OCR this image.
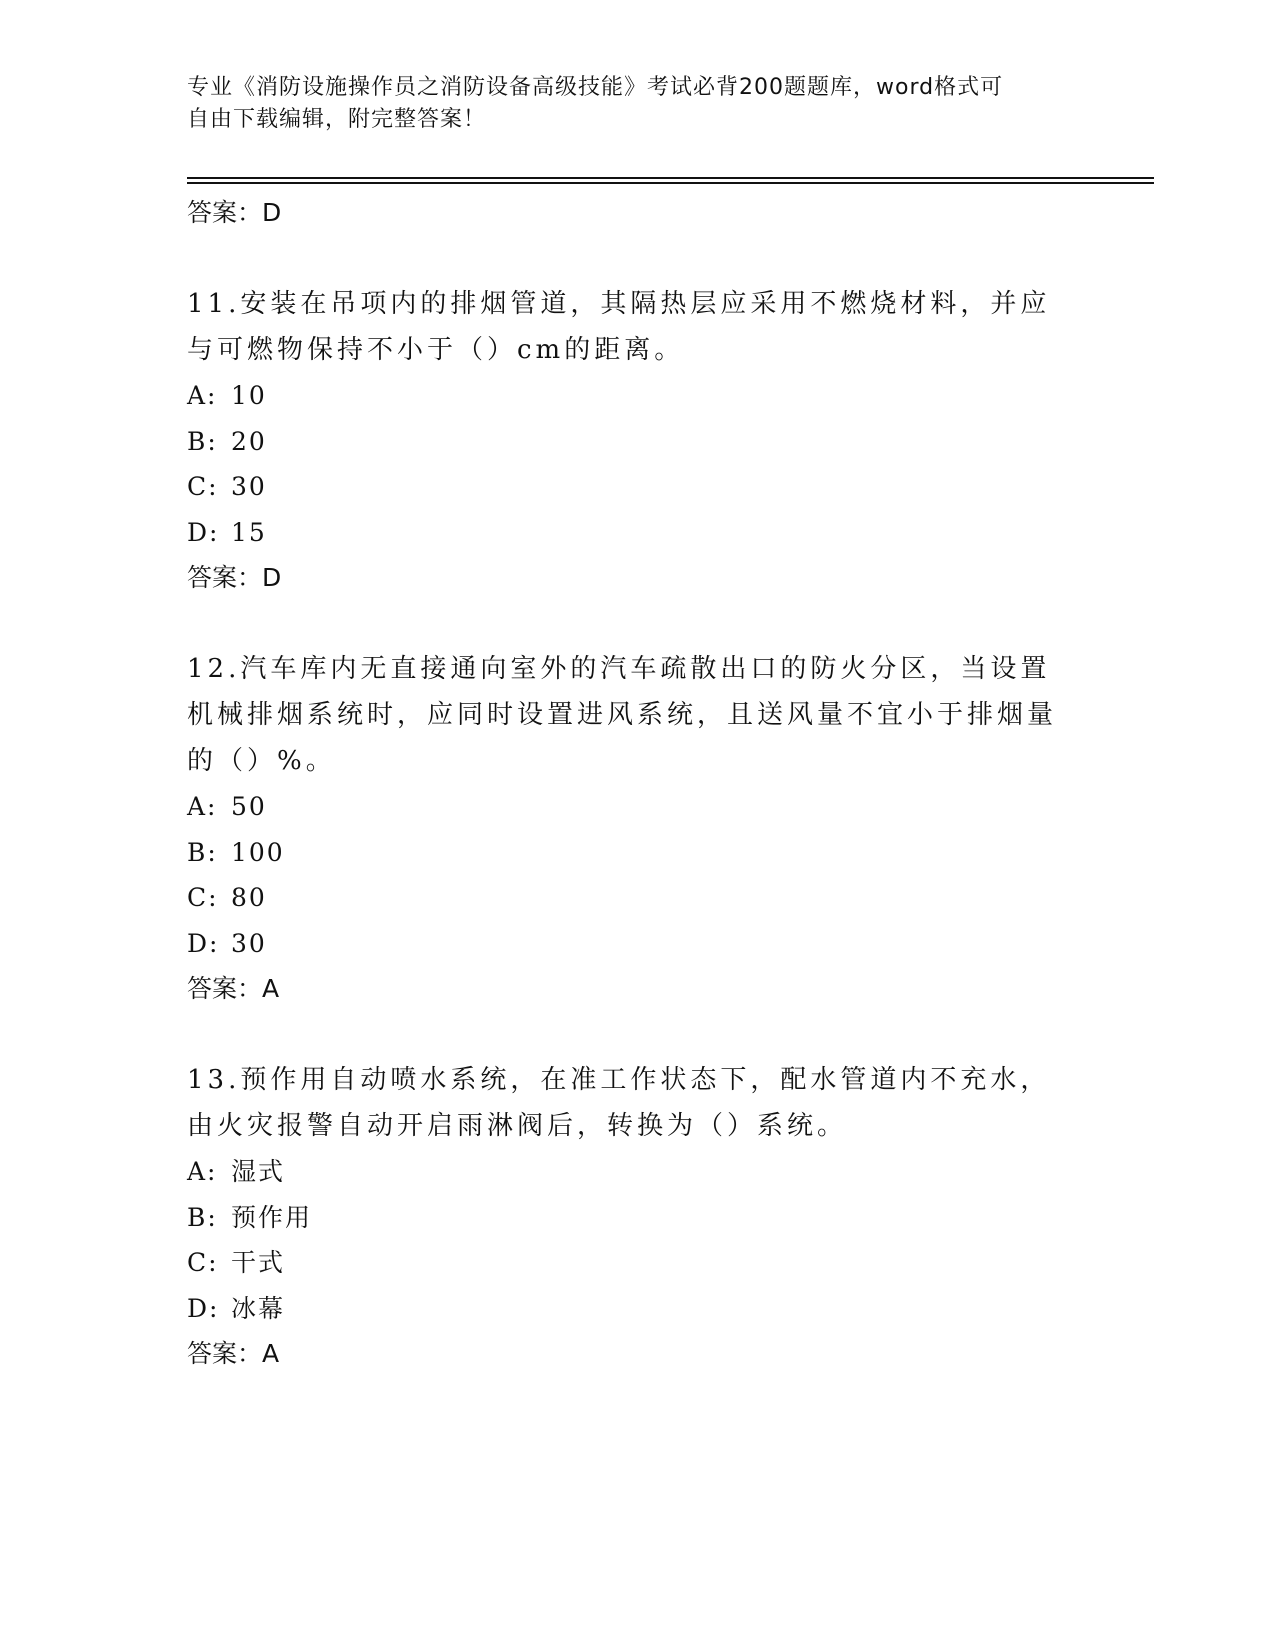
专业《消防设施操作员之消防设备高级技能》考试必背200题题库，word格式可
自由下载编辑，附完整答案！
答案：D
11.安装在吊项内的排烟管道，其隔热层应采用不燃烧材料，并应与可燃物保持不小于（）cm的距离。
A: 10
B: 20
C: 30
D: 15
答案：D
12.汽车库内无直接通向室外的汽车疏散出口的防火分区，当设置机械排烟系统时，应同时设置进风系统，且送风量不宜小于排烟量的（）%。
A: 50
B: 100
C: 80
D: 30
答案：A
13.预作用自动喷水系统，在准工作状态下，配水管道内不充水，由火灾报警自动开启雨淋阀后，转换为（）系统。
A: 湿式
B: 预作用
C: 干式
D: 冰幕
答案：A
